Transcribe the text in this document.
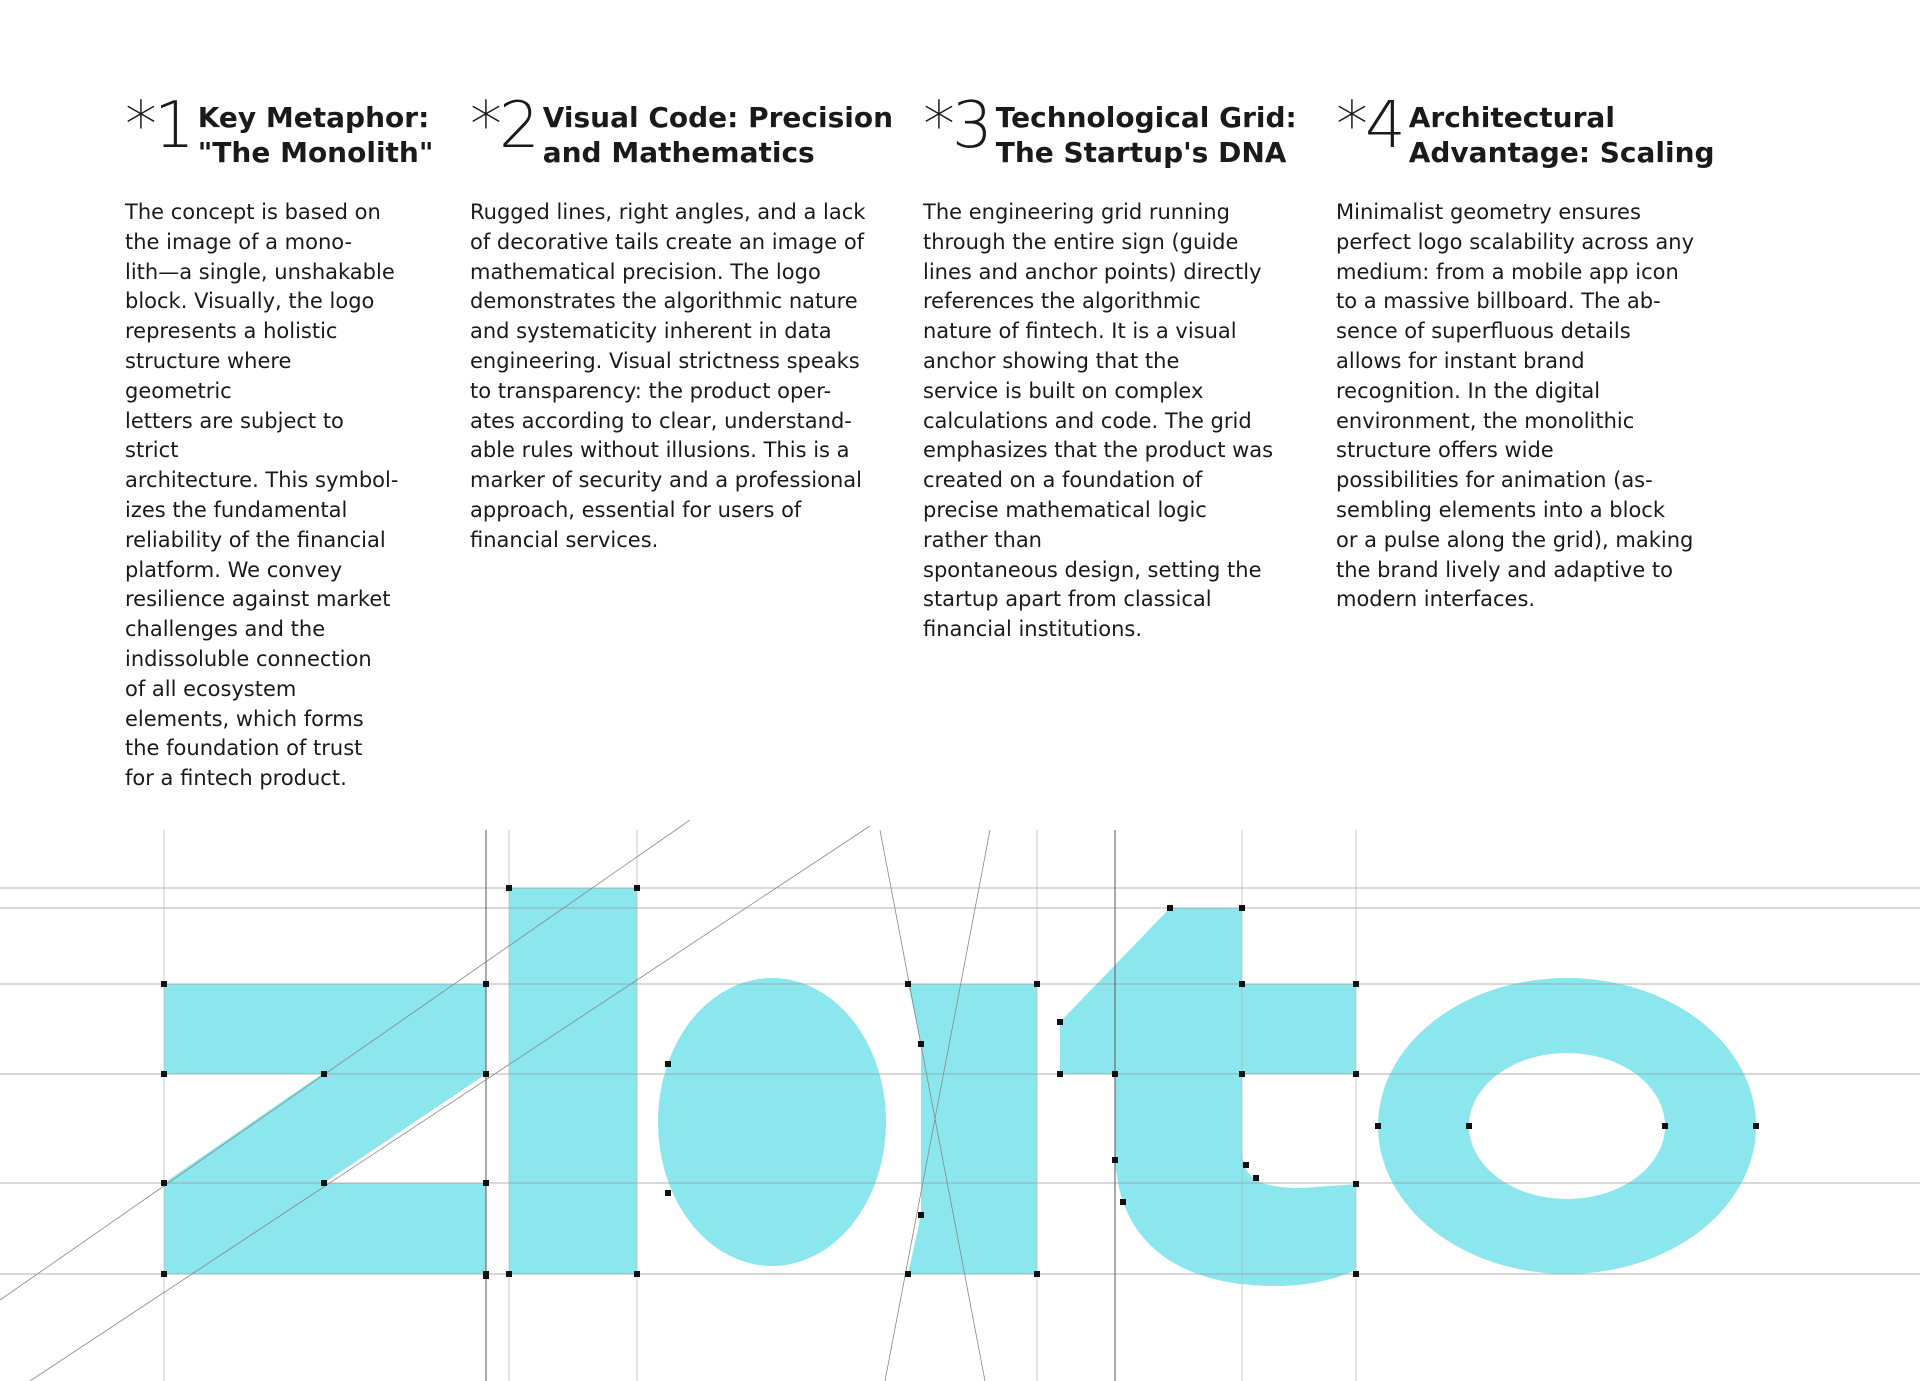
*1 Key Metaphor:
"The Monolith"
The concept is based on
the image of a mono-
lith—a single, unshakable
block. Visually, the logo
represents a holistic
structure where
geometric
letters are subject to
strict
architecture. This symbol-
izes the fundamental
reliability of the financial
platform. We convey
resilience against market
challenges and the
indissoluble connection
of all ecosystem
elements, which forms
the foundation of trust
for a fintech product.
*2 Visual Code: Precision
and Mathematics
Rugged lines, right angles, and a lack
of decorative tails create an image of
mathematical precision. The logo
demonstrates the algorithmic nature
and systematicity inherent in data
engineering. Visual strictness speaks
to transparency: the product oper-
ates according to clear, understand-
able rules without illusions. This is a
marker of security and a professional
approach, essential for users of
financial services.
*3 Technological Grid:
The Startup's DNA
The engineering grid running
through the entire sign (guide
lines and anchor points) directly
references the algorithmic
nature of fintech. It is a visual
anchor showing that the
service is built on complex
calculations and code. The grid
emphasizes that the product was
created on a foundation of
precise mathematical logic
rather than
spontaneous design, setting the
startup apart from classical
financial institutions.
*4 Architectural
Advantage: Scaling
Minimalist geometry ensures
perfect logo scalability across any
medium: from a mobile app icon
to a massive billboard. The ab-
sence of superfluous details
allows for instant brand
recognition. In the digital
environment, the monolithic
structure offers wide
possibilities for animation (as-
sembling elements into a block
or a pulse along the grid), making
the brand lively and adaptive to
modern interfaces.
